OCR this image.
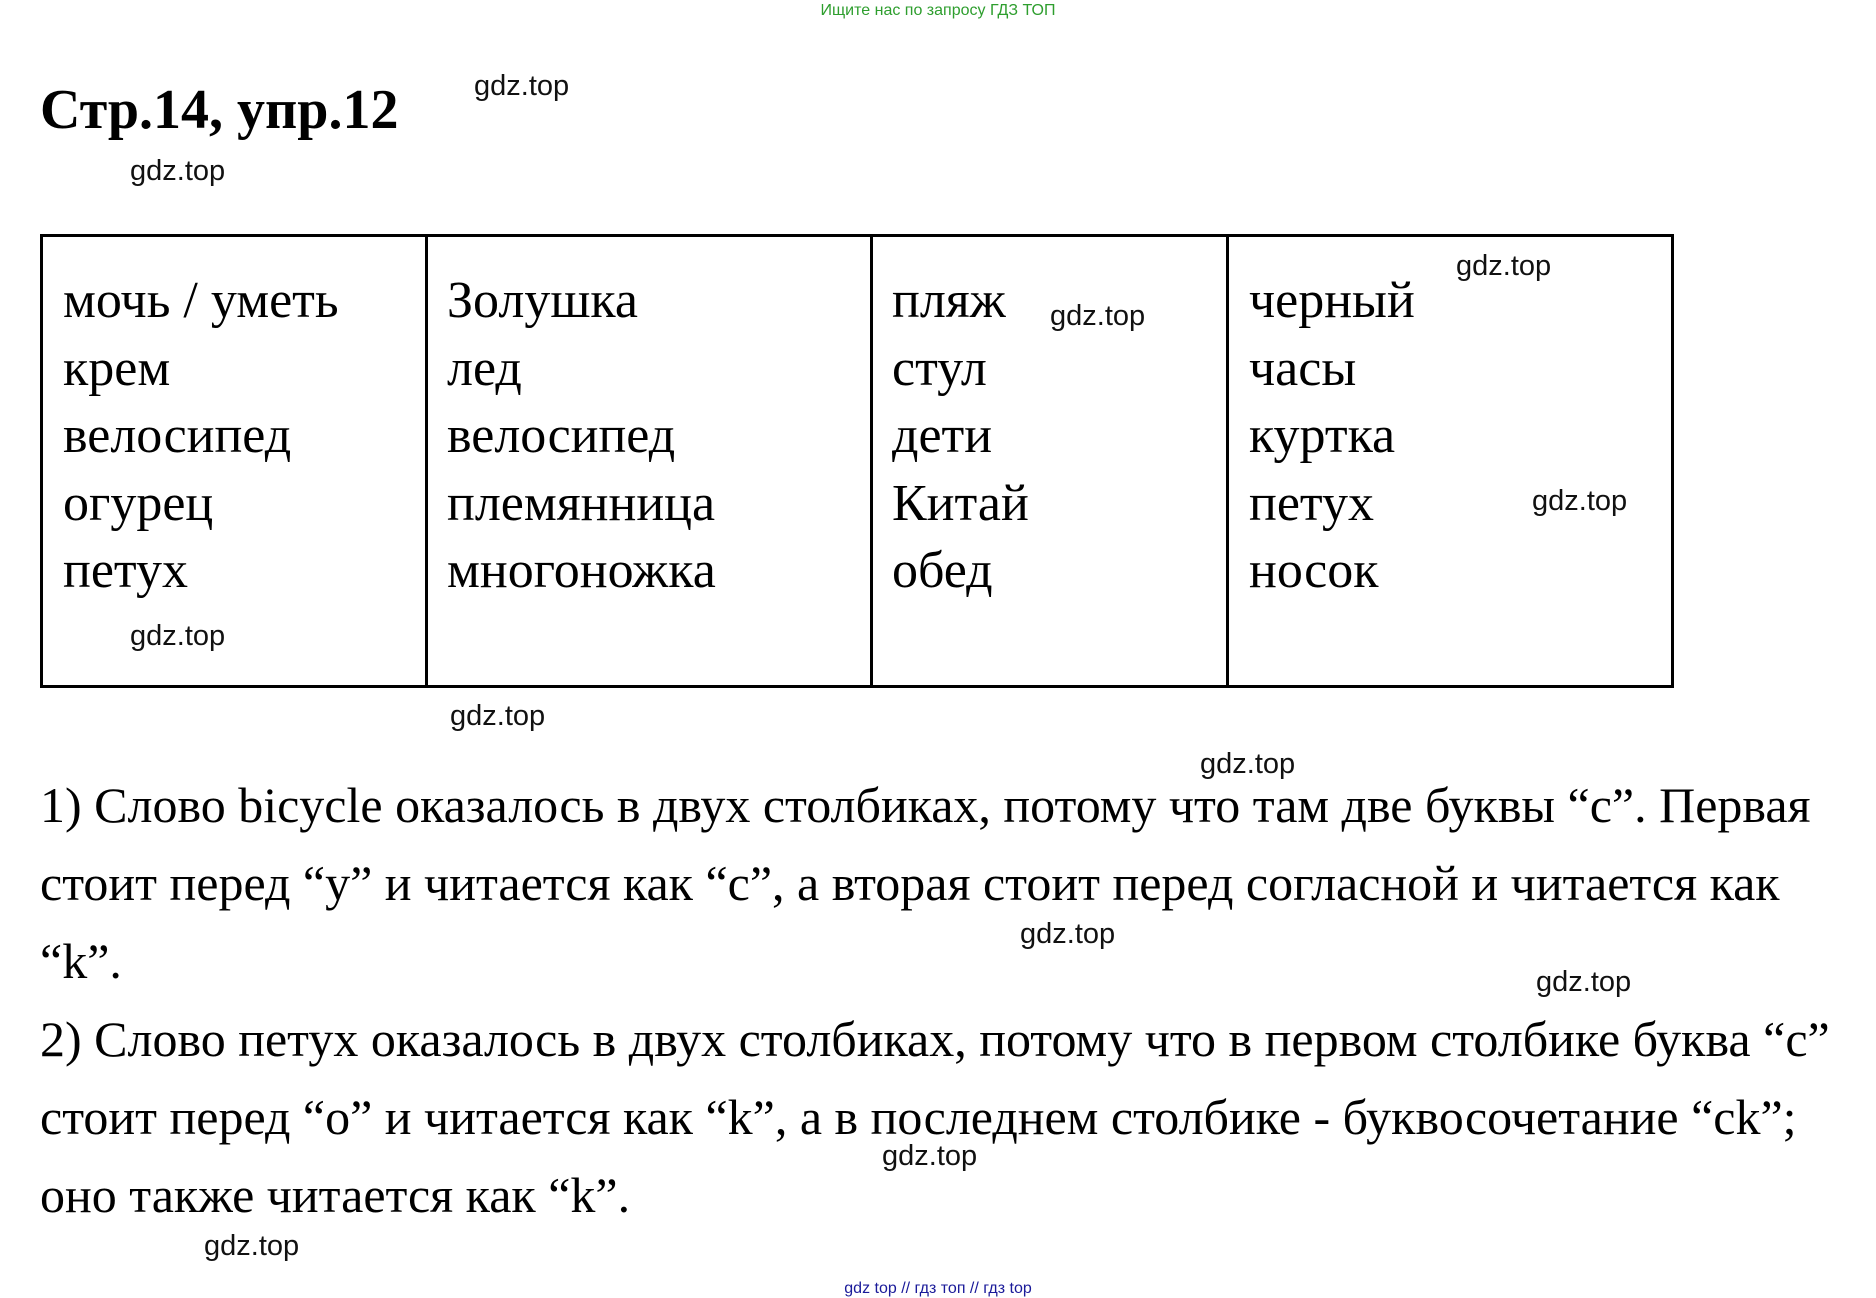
Ищите нас по запросу ГДЗ ТОП
Стр.14, упр.12
мочь / уметь
крем
велосипед
огурец
петух
Золушка
лед
велосипед
племянница
многоножка
пляж
стул
дети
Китай
обед
черный
часы
куртка
петух
носок
1) Слово bicycle оказалось в двух столбиках, потому что там две буквы “c”. Первая стоит перед “y” и читается как “с”, а вторая стоит перед согласной и читается как “k”.
2) Слово петух оказалось в двух столбиках, потому что в первом столбике буква “c” стоит перед “o” и читается как “k”, а в последнем столбике - буквосочетание “ck”; оно также читается как “k”.
gdz.top
gdz.top
gdz.top
gdz.top
gdz.top
gdz.top
gdz.top
gdz.top
gdz.top
gdz.top
gdz.top
gdz.top
gdz top // гдз топ // гдз top
